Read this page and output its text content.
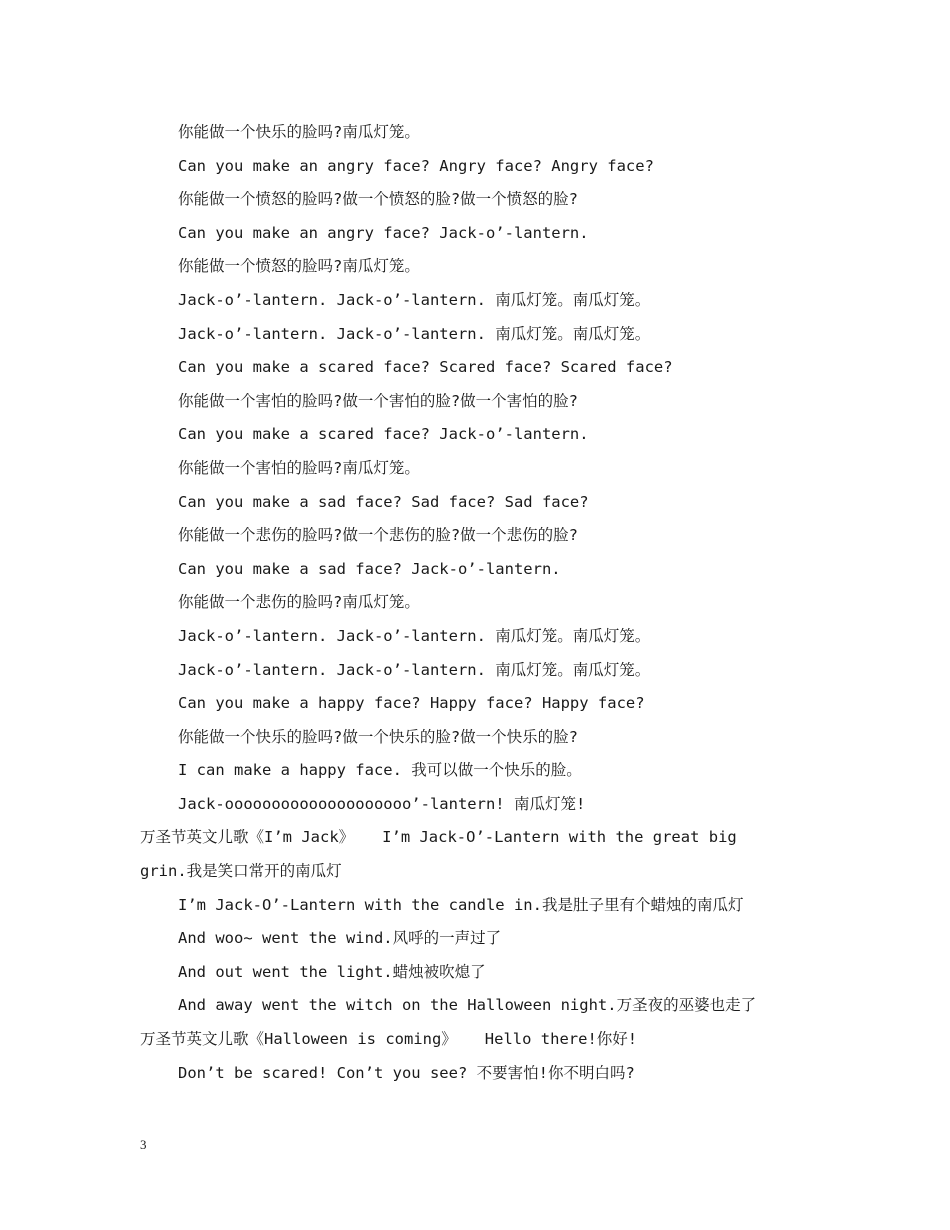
你能做一个快乐的脸吗?南瓜灯笼。
Can you make an angry face? Angry face? Angry face?
你能做一个愤怒的脸吗?做一个愤怒的脸?做一个愤怒的脸?
Can you make an angry face? Jack-o’-lantern.
你能做一个愤怒的脸吗?南瓜灯笼。
Jack-o’-lantern. Jack-o’-lantern. 南瓜灯笼。南瓜灯笼。
Jack-o’-lantern. Jack-o’-lantern. 南瓜灯笼。南瓜灯笼。
Can you make a scared face? Scared face? Scared face?
你能做一个害怕的脸吗?做一个害怕的脸?做一个害怕的脸?
Can you make a scared face? Jack-o’-lantern.
你能做一个害怕的脸吗?南瓜灯笼。
Can you make a sad face? Sad face? Sad face?
你能做一个悲伤的脸吗?做一个悲伤的脸?做一个悲伤的脸?
Can you make a sad face? Jack-o’-lantern.
你能做一个悲伤的脸吗?南瓜灯笼。
Jack-o’-lantern. Jack-o’-lantern. 南瓜灯笼。南瓜灯笼。
Jack-o’-lantern. Jack-o’-lantern. 南瓜灯笼。南瓜灯笼。
Can you make a happy face? Happy face? Happy face?
你能做一个快乐的脸吗?做一个快乐的脸?做一个快乐的脸?
I can make a happy face. 我可以做一个快乐的脸。
Jack-oooooooooooooooooooo’-lantern! 南瓜灯笼!
万圣节英文儿歌《I’m Jack》   I’m Jack-O’-Lantern with the great big
grin.我是笑口常开的南瓜灯
I’m Jack-O’-Lantern with the candle in.我是肚子里有个蜡烛的南瓜灯
And woo~ went the wind.风呼的一声过了
And out went the light.蜡烛被吹熄了
And away went the witch on the Halloween night.万圣夜的巫婆也走了
万圣节英文儿歌《Halloween is coming》   Hello there!你好!
Don’t be scared! Con’t you see? 不要害怕!你不明白吗?
3
